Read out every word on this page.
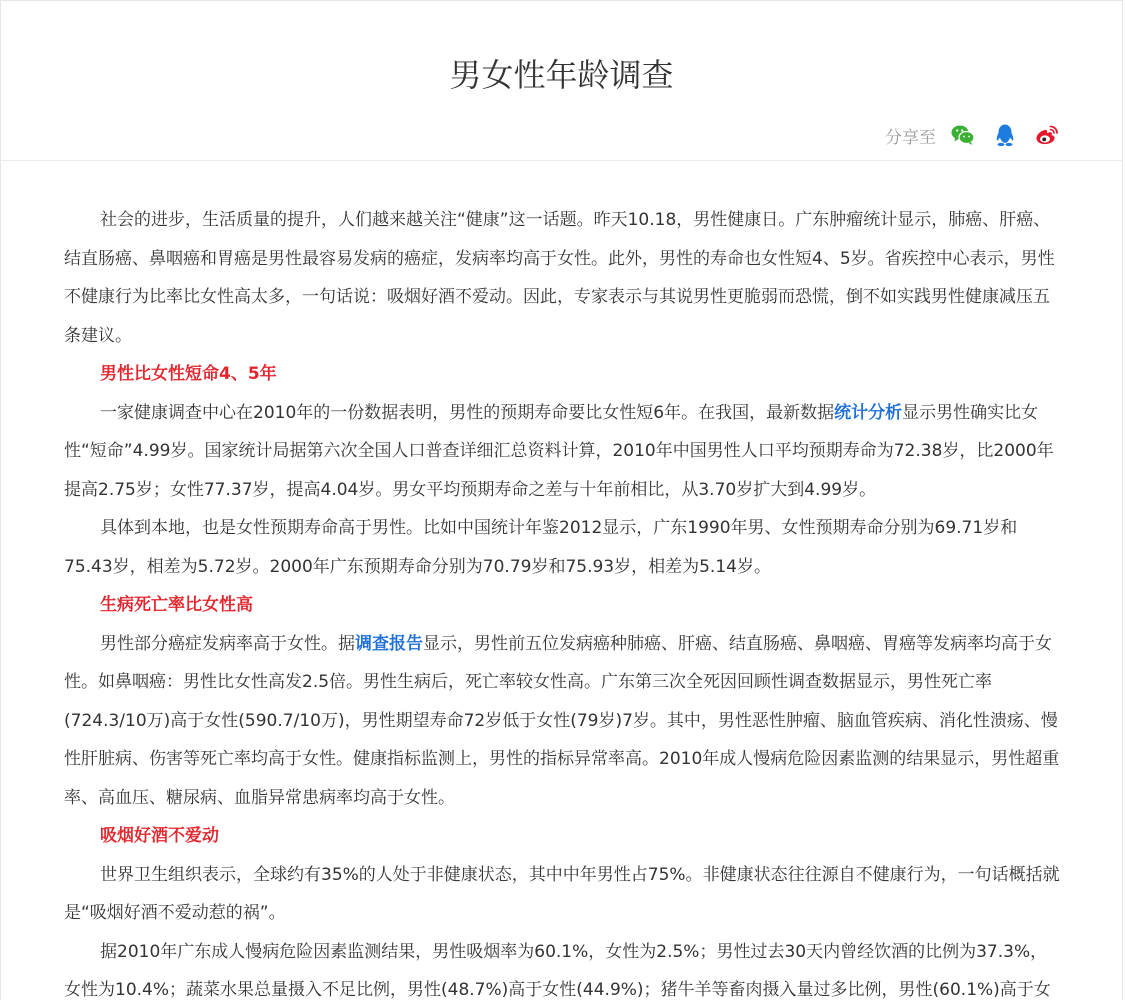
男女性年龄调查
分享至

社会的进步，生活质量的提升，人们越来越关注“健康”这一话题。昨天10.18，男性健康日。广东肿瘤统计显示，肺癌、肝癌、结直肠癌、鼻咽癌和胃癌是男性最容易发病的癌症，发病率均高于女性。此外，男性的寿命也女性短4、5岁。省疾控中心表示，男性不健康行为比率比女性高太多，一句话说：吸烟好酒不爱动。因此，专家表示与其说男性更脆弱而恐慌，倒不如实践男性健康减压五条建议。

男性比女性短命4、5年

一家健康调查中心在2010年的一份数据表明，男性的预期寿命要比女性短6年。在我国，最新数据统计分析显示男性确实比女性“短命”4.99岁。国家统计局据第六次全国人口普查详细汇总资料计算，2010年中国男性人口平均预期寿命为72.38岁，比2000年提高2.75岁；女性77.37岁，提高4.04岁。男女平均预期寿命之差与十年前相比，从3.70岁扩大到4.99岁。

具体到本地，也是女性预期寿命高于男性。比如中国统计年鉴2012显示，广东1990年男、女性预期寿命分别为69.71岁和75.43岁，相差为5.72岁。2000年广东预期寿命分别为70.79岁和75.93岁，相差为5.14岁。

生病死亡率比女性高

男性部分癌症发病率高于女性。据调查报告显示，男性前五位发病癌种肺癌、肝癌、结直肠癌、鼻咽癌、胃癌等发病率均高于女性。如鼻咽癌：男性比女性高发2.5倍。男性生病后，死亡率较女性高。广东第三次全死因回顾性调查数据显示，男性死亡率(724.3/10万)高于女性(590.7/10万)，男性期望寿命72岁低于女性(79岁)7岁。其中，男性恶性肿瘤、脑血管疾病、消化性溃疡、慢性肝脏病、伤害等死亡率均高于女性。健康指标监测上，男性的指标异常率高。2010年成人慢病危险因素监测的结果显示，男性超重率、高血压、糖尿病、血脂异常患病率均高于女性。

吸烟好酒不爱动

世界卫生组织表示，全球约有35%的人处于非健康状态，其中中年男性占75%。非健康状态往往源自不健康行为，一句话概括就是“吸烟好酒不爱动惹的祸”。

据2010年广东成人慢病危险因素监测结果，男性吸烟率为60.1%，女性为2.5%；男性过去30天内曾经饮酒的比例为37.3%，女性为10.4%；蔬菜水果总量摄入不足比例，男性(48.7%)高于女性(44.9%)；猪牛羊等畜肉摄入量过多比例，男性(60.1%)高于女
